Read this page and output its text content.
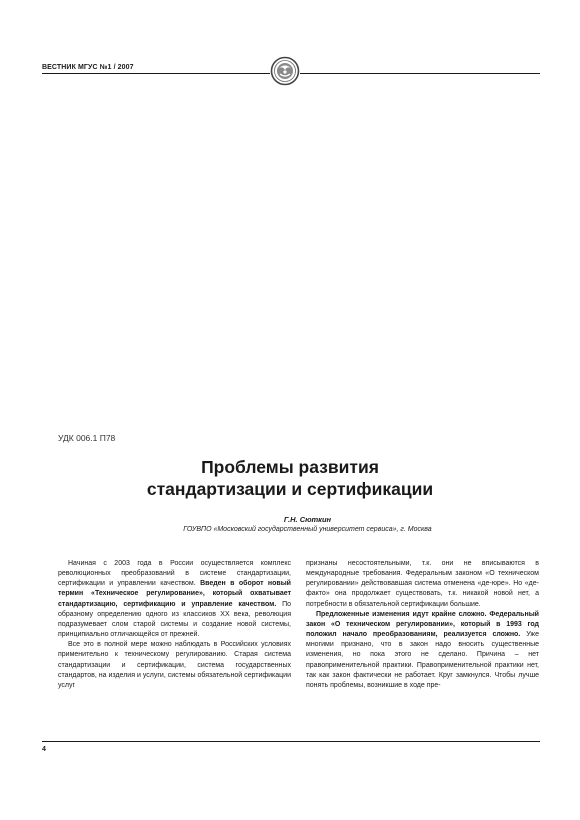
ВЕСТНИК МГУС №1 / 2007
УДК 006.1 П78
Проблемы развития
стандартизации и сертификации
Г.Н. Сюткин
ГОУВПО «Московский государственный университет сервиса», г. Москва

Начиная с 2003 года в России осуществляется комплекс революционных преобразований в системе стандартизации, сертификации и управлении качеством. Введен в оборот новый термин «Техническое регулирование», который охватывает стандартизацию, сертификацию и управление качеством. По образному определению одного из классиков XX века, революция подразумевает слом старой системы и создание новой системы, принципиально отличающейся от прежней.

Все это в полной мере можно наблюдать в Российских условиях применительно к техническому регулированию. Старая система стандартизации и сертификации, система государственных стандартов, на изделия и услуги, системы обязательной сертификации услуг

признаны несостоятельными, т.к. они не вписываются в международные требования. Федеральным законом «О техническом регулировании» действовавшая система отменена «де-юре». Но «де-факто» она продолжает существовать, т.к. никакой новой нет, а потребности в обязательной сертификации большие.

Предложенные изменения идут крайне сложно. Федеральный закон «О техническом регулировании», который в 1993 год положил начало преобразованиям, реализуется сложно. Уже многими признано, что в закон надо вносить существенные изменения, но пока этого не сделано. Причина – нет правоприменительной практики. Правоприменительной практики нет, так как закон фактически не работает. Круг замкнулся. Чтобы лучше понять проблемы, возникшие в ходе пре-

4
